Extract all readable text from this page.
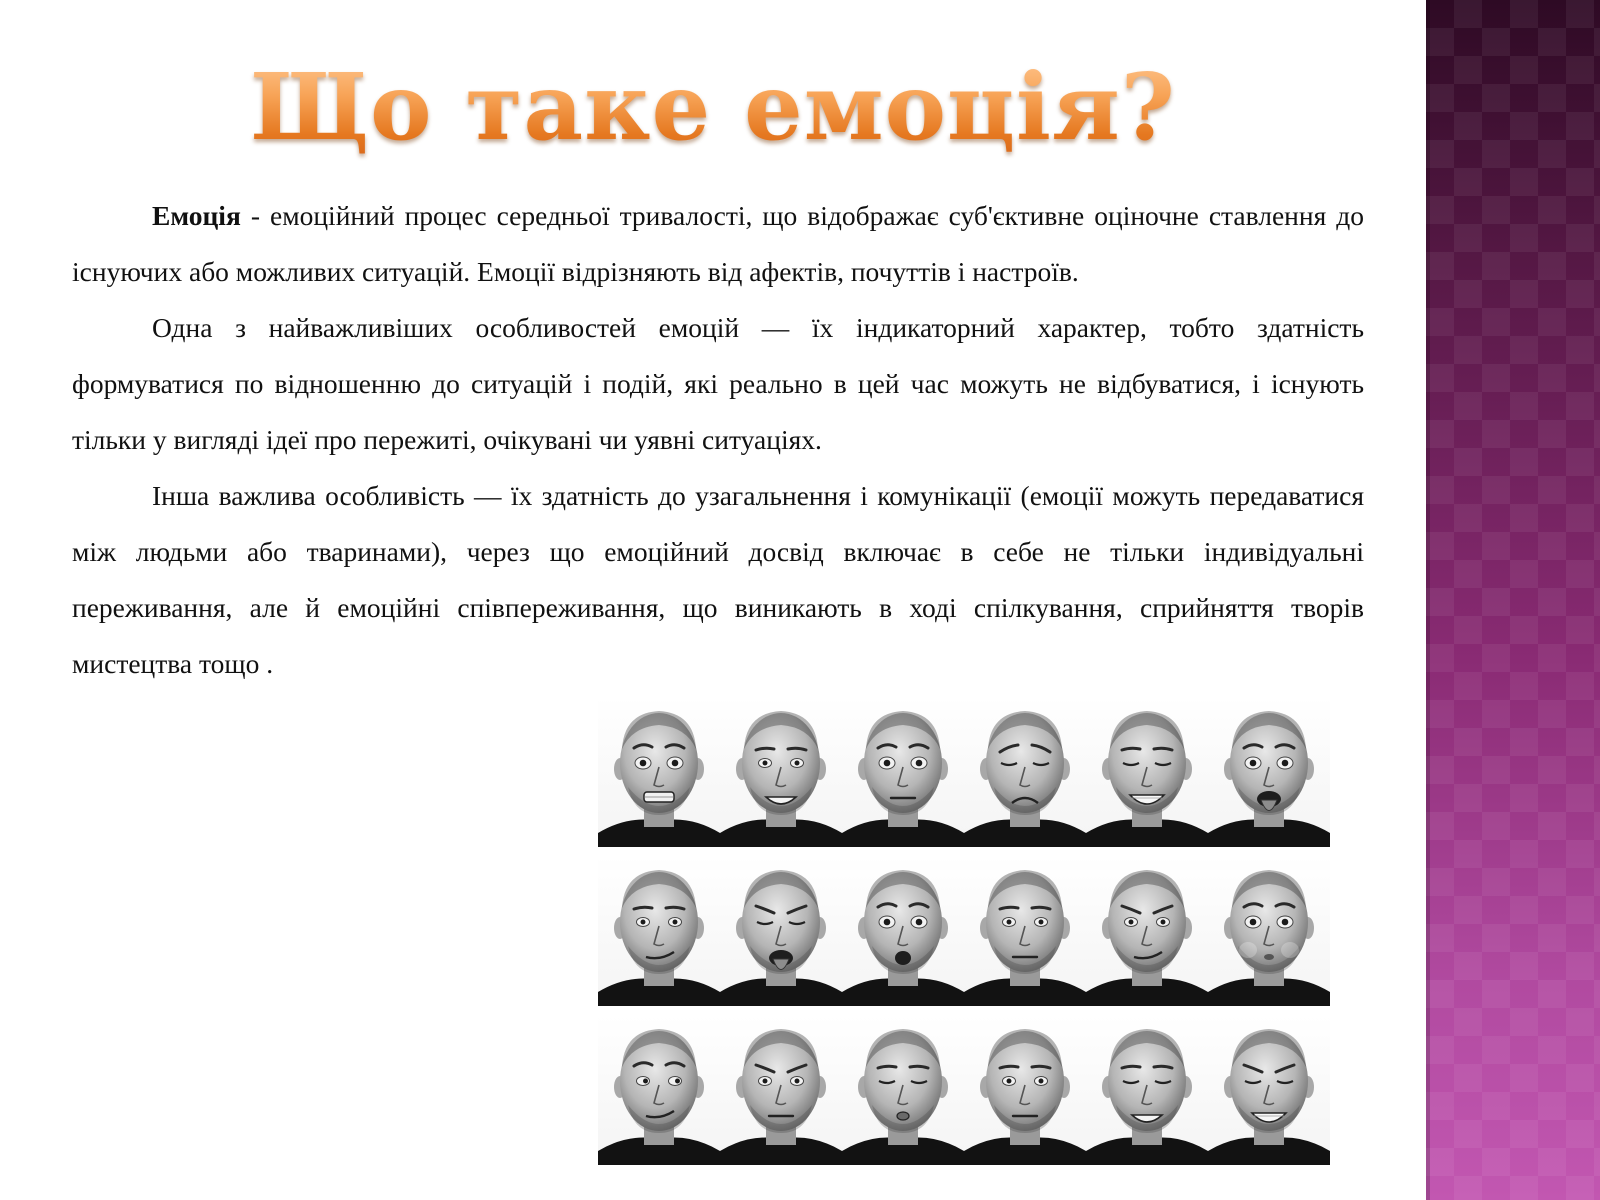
Що таке емоція?

Емоція - емоційний процес середньої тривалості, що відображає суб'єктивне оціночне ставлення до існуючих або можливих ситуацій. Емоції відрізняють від афектів, почуттів і настроїв.

Одна з найважливіших особливостей емоцій — їх індикаторний характер, тобто здатність формуватися по відношенню до ситуацій і подій, які реально в цей час можуть не відбуватися, і існують тільки у вигляді ідеї про пережиті, очікувані чи уявні ситуаціях.

Інша важлива особливість — їх здатність до узагальнення і комунікації (емоції можуть передаватися між людьми або тваринами), через що емоційний досвід включає в себе не тільки індивідуальні переживання, але й емоційні співпереживання, що виникають в ході спілкування, сприйняття творів мистецтва тощо .
